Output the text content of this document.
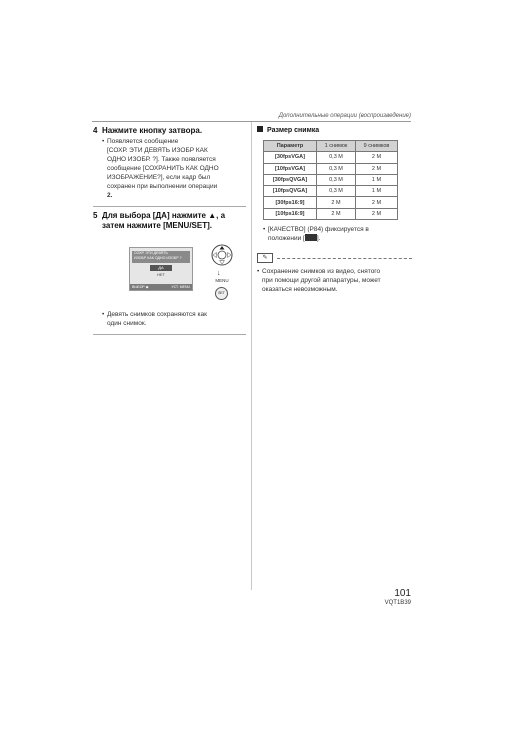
Дополнительные операции (воспроизведение)
4 Нажмите кнопку затвора.
• Появляется сообщение
[СОХР. ЭТИ ДЕВЯТЬ ИЗОБР КАК
ОДНО ИЗОБР. ?]. Также появляется
сообщение [СОХРАНИТЬ КАК ОДНО
ИЗОБРАЖЕНИЕ?], если кадр был
сохранен при выполнении операции
2.
5 Для выбора [ДА] нажмите ▲, а
затем нажмите [MENU/SET].
СОХР. ЭТИ ДЕВЯТЬ
ИЗОБР КАК ОДНО ИЗОБР ?
ДА
НЕТ
ВЫБОР ◆	УСТ. MENU
↓
MENU
SET
• Девять снимков сохраняются как
один снимок.
Размер снимка
Параметр	1 снимок	9 снимков
[30fpsVGA]	0,3 M	2 M
[10fpsVGA]	0,3 M	2 M
[30fpsQVGA]	0,3 M	1 M
[10fpsQVGA]	0,3 M	1 M
[30fps16:9]	2 M	2 M
[10fps16:9]	2 M	2 M
• [КАЧЕСТВО] (P84) фиксируется в
положении [ ].
✎
• Сохранение снимков из видео, снятого
при помощи другой аппаратуры, может
оказаться невозможным.
101
VQT1B39
